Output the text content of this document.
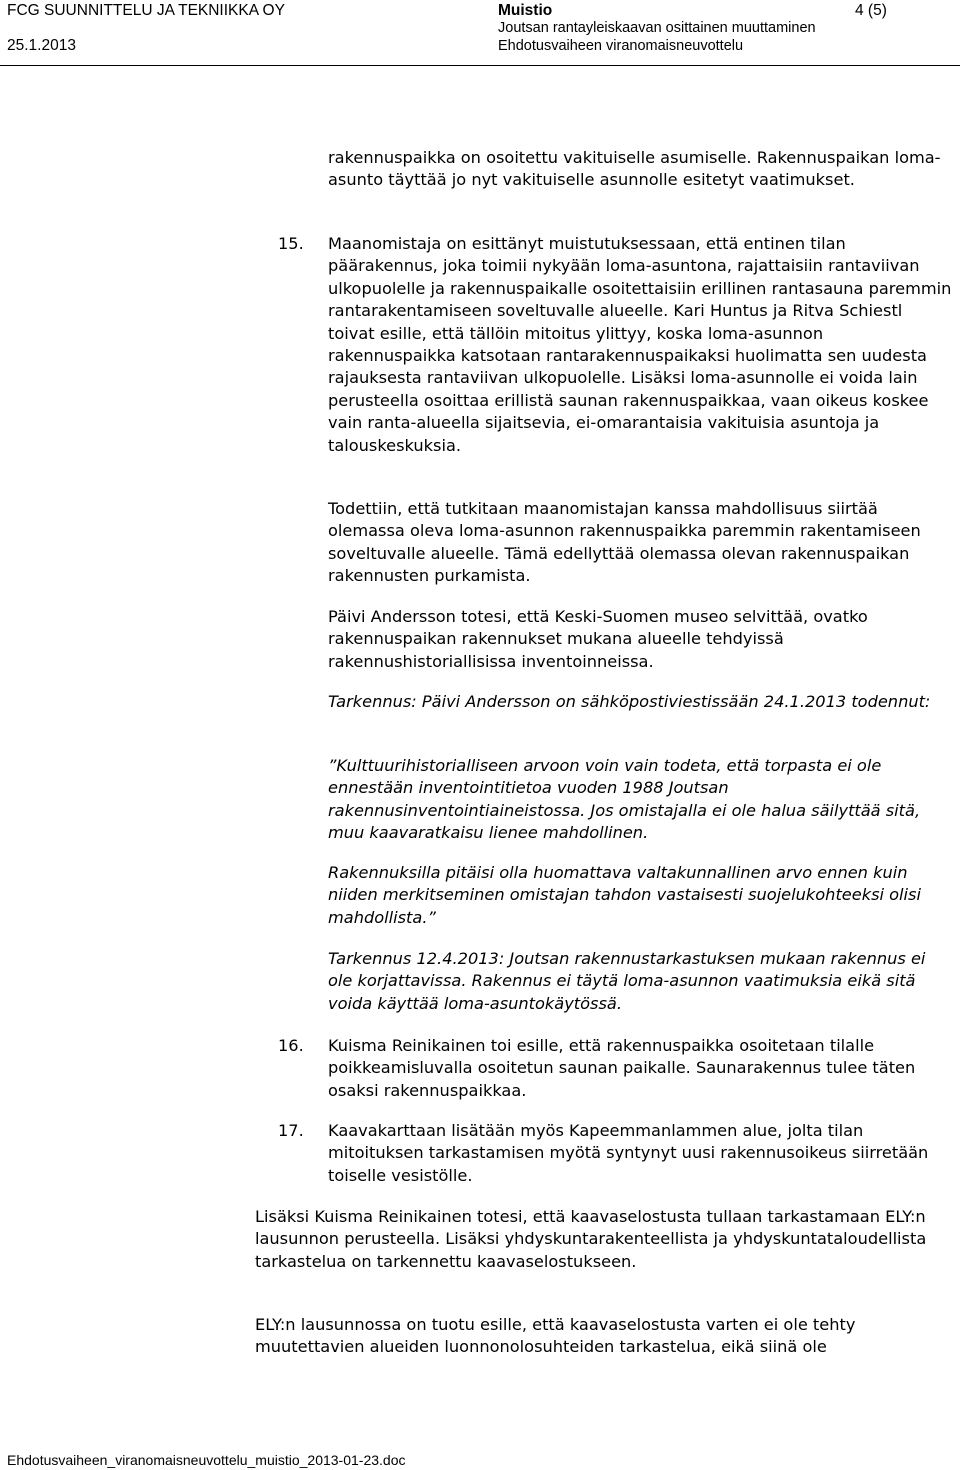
FCG SUUNNITTELU JA TEKNIIKKA OY
25.1.2013
Muistio
Joutsan rantayleiskaavan osittainen muuttaminen
Ehdotusvaiheen viranomaisneuvottelu
4 (5)

rakennuspaikka on osoitettu vakituiselle asumiselle. Rakennuspaikan loma-asunto täyttää jo nyt vakituiselle asunnolle esitetyt vaatimukset.

15. Maanomistaja on esittänyt muistutuksessaan, että entinen tilan päärakennus, joka toimii nykyään loma-asuntona, rajattaisiin rantaviivan ulkopuolelle ja rakennuspaikalle osoitettaisiin erillinen rantasauna paremmin rantarakentamiseen soveltuvalle alueelle. Kari Huntus ja Ritva Schiestl toivat esille, että tällöin mitoitus ylittyy, koska loma-asunnon rakennuspaikka katsotaan rantarakennuspaikaksi huolimatta sen uudesta rajauksesta rantaviivan ulkopuolelle. Lisäksi loma-asunnolle ei voida lain perusteella osoittaa erillistä saunan rakennuspaikkaa, vaan oikeus koskee vain ranta-alueella sijaitsevia, ei-omarantaisia vakituisia asuntoja ja talouskeskuksia.

Todettiin, että tutkitaan maanomistajan kanssa mahdollisuus siirtää olemassa oleva loma-asunnon rakennuspaikka paremmin rakentamiseen soveltuvalle alueelle. Tämä edellyttää olemassa olevan rakennuspaikan rakennusten purkamista.

Päivi Andersson totesi, että Keski-Suomen museo selvittää, ovatko rakennuspaikan rakennukset mukana alueelle tehdyissä rakennushistoriallisissa inventoinneissa.

Tarkennus: Päivi Andersson on sähköpostiviestissään 24.1.2013 todennut:

”Kulttuurihistorialliseen arvoon voin vain todeta, että torpasta ei ole ennestään inventointitietoa vuoden 1988 Joutsan rakennusinventointiaineistossa. Jos omistajalla ei ole halua säilyttää sitä, muu kaavaratkaisu lienee mahdollinen.

Rakennuksilla pitäisi olla huomattava valtakunnallinen arvo ennen kuin niiden merkitseminen omistajan tahdon vastaisesti suojelukohteeksi olisi mahdollista.”

Tarkennus 12.4.2013: Joutsan rakennustarkastuksen mukaan rakennus ei ole korjattavissa. Rakennus ei täytä loma-asunnon vaatimuksia eikä sitä voida käyttää loma-asuntokäytössä.

16. Kuisma Reinikainen toi esille, että rakennuspaikka osoitetaan tilalle poikkeamisluvalla osoitetun saunan paikalle. Saunarakennus tulee täten osaksi rakennuspaikkaa.

17. Kaavakarttaan lisätään myös Kapeemmanlammen alue, jolta tilan mitoituksen tarkastamisen myötä syntynyt uusi rakennusoikeus siirretään toiselle vesistölle.

Lisäksi Kuisma Reinikainen totesi, että kaavaselostusta tullaan tarkastamaan ELY:n lausunnon perusteella. Lisäksi yhdyskuntarakenteellista ja yhdyskuntataloudellista tarkastelua on tarkennettu kaavaselostukseen.

ELY:n lausunnossa on tuotu esille, että kaavaselostusta varten ei ole tehty muutettavien alueiden luonnonolosuhteiden tarkastelua, eikä siinä ole

Ehdotusvaiheen_viranomaisneuvottelu_muistio_2013-01-23.doc
